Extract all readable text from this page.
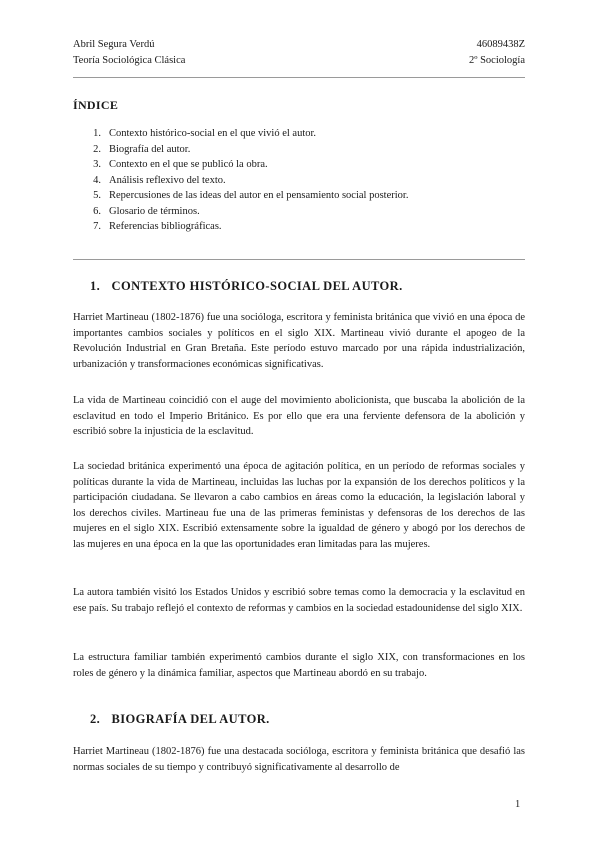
Abril Segura Verdú	46089438Z
Teoría Sociológica Clásica	2º Sociología
ÍNDICE
1. Contexto histórico-social en el que vivió el autor.
2. Biografía del autor.
3. Contexto en el que se publicó la obra.
4. Análisis reflexivo del texto.
5. Repercusiones de las ideas del autor en el pensamiento social posterior.
6. Glosario de términos.
7. Referencias bibliográficas.
1. CONTEXTO HISTÓRICO-SOCIAL DEL AUTOR.

Harriet Martineau (1802-1876) fue una socióloga, escritora y feminista británica que vivió en una época de importantes cambios sociales y políticos en el siglo XIX. Martineau vivió durante el apogeo de la Revolución Industrial en Gran Bretaña. Este período estuvo marcado por una rápida industrialización, urbanización y transformaciones económicas significativas.

La vida de Martineau coincidió con el auge del movimiento abolicionista, que buscaba la abolición de la esclavitud en todo el Imperio Británico. Es por ello que era una ferviente defensora de la abolición y escribió sobre la injusticia de la esclavitud.

La sociedad británica experimentó una época de agitación política, en un período de reformas sociales y políticas durante la vida de Martineau, incluidas las luchas por la expansión de los derechos políticos y la participación ciudadana. Se llevaron a cabo cambios en áreas como la educación, la legislación laboral y los derechos civiles. Martineau fue una de las primeras feministas y defensoras de los derechos de las mujeres en el siglo XIX. Escribió extensamente sobre la igualdad de género y abogó por los derechos de las mujeres en una época en la que las oportunidades eran limitadas para las mujeres.

La autora también visitó los Estados Unidos y escribió sobre temas como la democracia y la esclavitud en ese país. Su trabajo reflejó el contexto de reformas y cambios en la sociedad estadounidense del siglo XIX.

La estructura familiar también experimentó cambios durante el siglo XIX, con transformaciones en los roles de género y la dinámica familiar, aspectos que Martineau abordó en su trabajo.

2. BIOGRAFÍA DEL AUTOR.

Harriet Martineau (1802-1876) fue una destacada socióloga, escritora y feminista británica que desafió las normas sociales de su tiempo y contribuyó significativamente al desarrollo de

1
